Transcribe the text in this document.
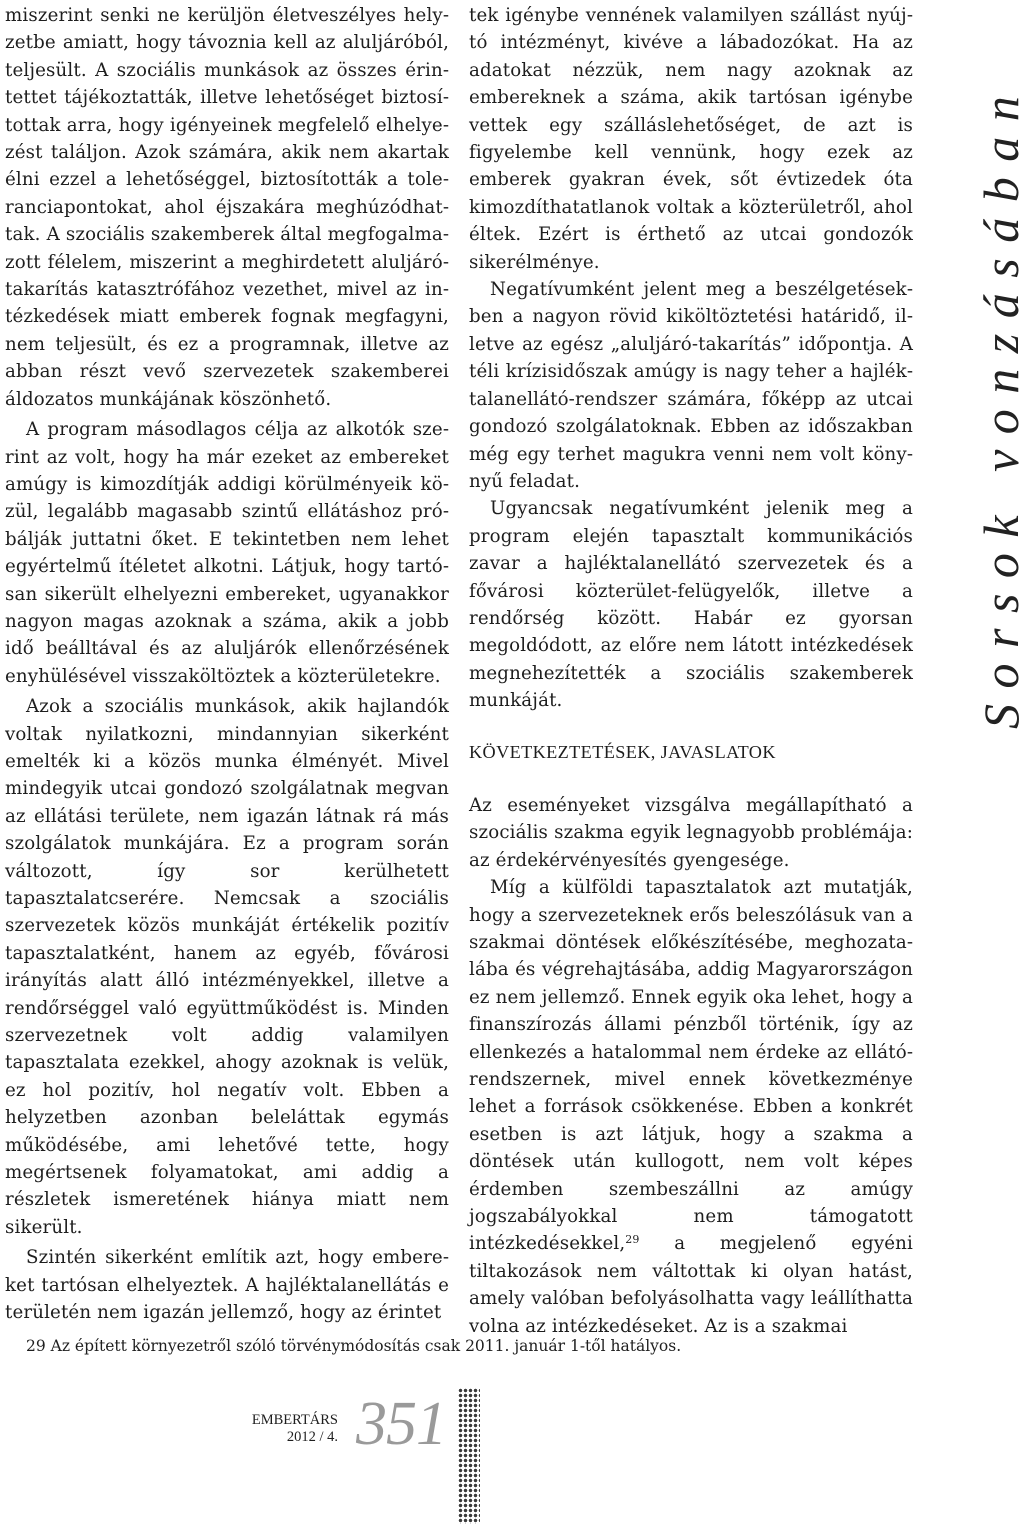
miszerint senki ne kerüljön életveszélyes helyzetbe amiatt, hogy távoznia kell az aluljáróból, teljesült. A szociális munkások az összes érintettet tájékoztatták, illetve lehetőséget biztosítottak arra, hogy igényeinek megfelelő elhelyezést találjon. Azok számára, akik nem akartak élni ezzel a lehetőséggel, biztosították a toleranciapontokat, ahol éjszakára meghúzódhattak. A szociális szakemberek által megfogalmazott félelem, miszerint a meghirdetett aluljárótakarítás katasztrófához vezethet, mivel az intézkedések miatt emberek fognak megfagyni, nem teljesült, és ez a programnak, illetve az abban részt vevő szervezetek szakemberei áldozatos munkájának köszönhető.

A program másodlagos célja az alkotók szerint az volt, hogy ha már ezeket az embereket amúgy is kimozdítják addigi körülményeik közül, legalább magasabb szintű ellátáshoz próbálják juttatni őket. E tekintetben nem lehet egyértelmű ítéletet alkotni. Látjuk, hogy tartósan sikerült elhelyezni embereket, ugyanakkor nagyon magas azoknak a száma, akik a jobb idő beálltával és az aluljárók ellenőrzésének enyhülésével visszaköltöztek a közterületekre.

Azok a szociális munkások, akik hajlandók voltak nyilatkozni, mindannyian sikerként emelték ki a közös munka élményét. Mivel mindegyik utcai gondozó szolgálatnak megvan az ellátási területe, nem igazán látnak rá más szolgálatok munkájára. Ez a program során változott, így sor kerülhetett tapasztalatcserére. Nemcsak a szociális szervezetek közös munkáját értékelik pozitív tapasztalatként, hanem az egyéb, fővárosi irányítás alatt álló intézményekkel, illetve a rendőrséggel való együttműködést is. Minden szervezetnek volt addig valamilyen tapasztalata ezekkel, ahogy azoknak is velük, ez hol pozitív, hol negatív volt. Ebben a helyzetben azonban beleláttak egymás működésébe, ami lehetővé tette, hogy megértsenek folyamatokat, ami addig a részletek ismeretének hiánya miatt nem sikerült.

Szintén sikerként említik azt, hogy embereket tartósan elhelyeztek. A hajléktalanellátás e területén nem igazán jellemző, hogy az érintet

tek igénybe vennének valamilyen szállást nyújtó intézményt, kivéve a lábadozókat. Ha az adatokat nézzük, nem nagy azoknak az embereknek a száma, akik tartósan igénybe vettek egy szálláslehetőséget, de azt is figyelembe kell vennünk, hogy ezek az emberek gyakran évek, sőt évtizedek óta kimozdíthatatlanok voltak a közterületről, ahol éltek. Ezért is érthető az utcai gondozók sikerélménye.

Negatívumként jelent meg a beszélgetésekben a nagyon rövid kiköltöztetési határidő, illetve az egész „aluljáró-takarítás” időpontja. A téli krízisidőszak amúgy is nagy teher a hajléktalanellátó-rendszer számára, főképp az utcai gondozó szolgálatoknak. Ebben az időszakban még egy terhet magukra venni nem volt könynyű feladat.

Ugyancsak negatívumként jelenik meg a program elején tapasztalt kommunikációs zavar a hajléktalanellátó szervezetek és a fővárosi közterület-felügyelők, illetve a rendőrség között. Habár ez gyorsan megoldódott, az előre nem látott intézkedések megnehezítették a szociális szakemberek munkáját.

KÖVETKEZTETÉSEK, JAVASLATOK

Az eseményeket vizsgálva megállapítható a szociális szakma egyik legnagyobb problémája: az érdekérvényesítés gyengesége.

Míg a külföldi tapasztalatok azt mutatják, hogy a szervezeteknek erős beleszólásuk van a szakmai döntések előkészítésébe, meghozatalába és végrehajtásába, addig Magyarországon ez nem jellemző. Ennek egyik oka lehet, hogy a finanszírozás állami pénzből történik, így az ellenkezés a hatalommal nem érdeke az ellátórendszernek, mivel ennek következménye lehet a források csökkenése. Ebben a konkrét esetben is azt látjuk, hogy a szakma a döntések után kullogott, nem volt képes érdemben szembeszállni az amúgy jogszabályokkal nem támogatott intézkedésekkel,$^{29}$ a megjelenő egyéni tiltakozások nem váltottak ki olyan hatást, amely valóban befolyásolhatta vagy leállíthatta volna az intézkedéseket. Az is a szakmai

29 Az épített környezetről szóló törvénymódosítás csak 2011. január 1-től hatályos.
EMBERTÁRS
2012 / 4. 351
Sorsok vonzásában
